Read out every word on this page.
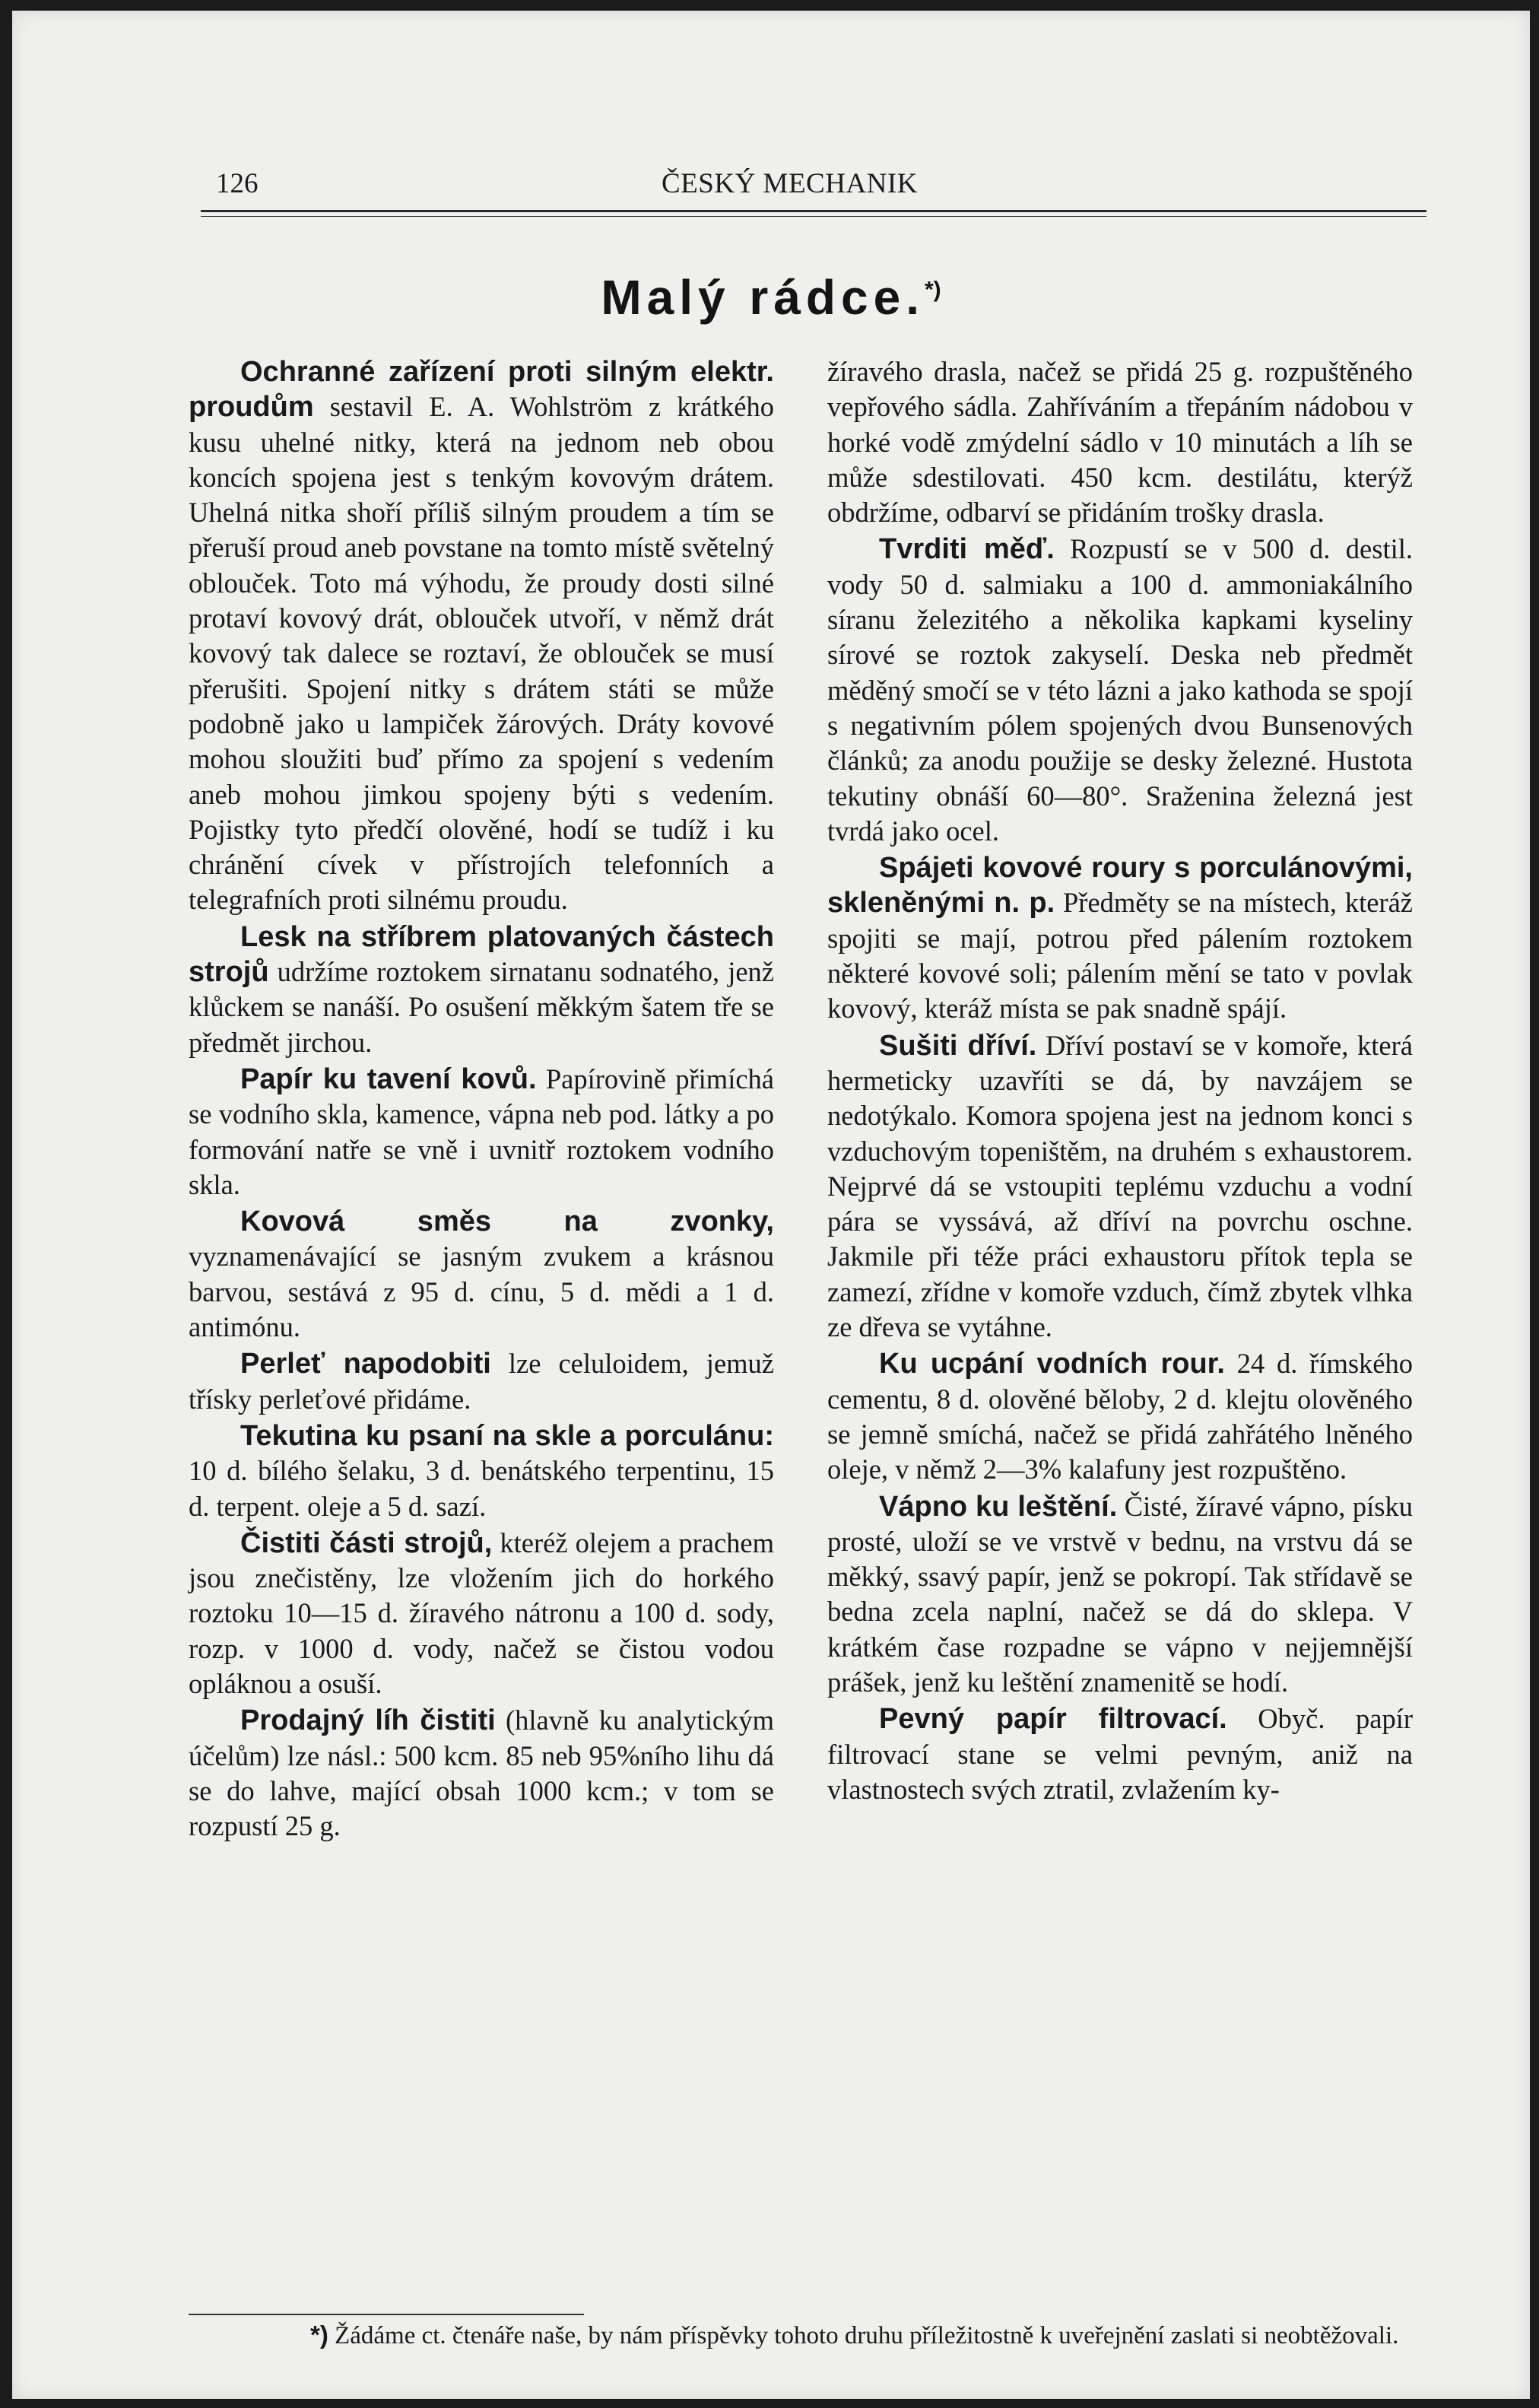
126	ČESKÝ MECHANIK
Malý rádce.*)

Ochranné zařízení proti silným elektr. proudům sestavil E. A. Wohlström z krátkého kusu uhelné nitky, která na jednom neb obou koncích spojena jest s tenkým kovovým drátem. Uhelná nitka shoří příliš silným proudem a tím se přeruší proud aneb povstane na tomto místě světelný oblouček. Toto má výhodu, že proudy dosti silné protaví kovový drát, oblouček utvoří, v němž drát kovový tak dalece se roztaví, že oblouček se musí přerušiti. Spojení nitky s drátem státi se může podobně jako u lampiček žárových. Dráty kovové mohou sloužiti buď přímo za spojení s vedením aneb mohou jimkou spojeny býti s vedením. Pojistky tyto předčí olověné, hodí se tudíž i ku chránění cívek v přístrojích telefonních a telegrafních proti silnému proudu.

Lesk na stříbrem platovaných částech strojů udržíme roztokem sirnatanu sodnatého, jenž klůckem se nanáší. Po osušení měkkým šatem tře se předmět jirchou.

Papír ku tavení kovů. Papírovině přimíchá se vodního skla, kamence, vápna neb pod. látky a po formování natře se vně i uvnitř roztokem vodního skla.

Kovová směs na zvonky, vyznamenávající se jasným zvukem a krásnou barvou, sestává z 95 d. cínu, 5 d. mědi a 1 d. antimónu.

Perleť napodobiti lze celuloidem, jemuž třísky perleťové přidáme.

Tekutina ku psaní na skle a porculánu: 10 d. bílého šelaku, 3 d. benátského terpentinu, 15 d. terpent. oleje a 5 d. sazí.

Čistiti části strojů, kteréž olejem a prachem jsou znečistěny, lze vložením jich do horkého roztoku 10—15 d. žíravého nátronu a 100 d. sody, rozp. v 1000 d. vody, načež se čistou vodou opláknou a osuší.

Prodajný líh čistiti (hlavně ku analytickým účelům) lze násl.: 500 kcm. 85 neb 95%ního lihu dá se do lahve, mající obsah 1000 kcm.; v tom se rozpustí 25 g.

žíravého drasla, načež se přidá 25 g. rozpuštěného vepřového sádla. Zahříváním a třepáním nádobou v horké vodě zmýdelní sádlo v 10 minutách a líh se může sdestilovati. 450 kcm. destilátu, kterýž obdržíme, odbarví se přidáním trošky drasla.

Tvrditi měď. Rozpustí se v 500 d. destil. vody 50 d. salmiaku a 100 d. ammoniakálního síranu železitého a několika kapkami kyseliny sírové se roztok zakyselí. Deska neb předmět měděný smočí se v této lázni a jako kathoda se spojí s negativním pólem spojených dvou Bunsenových článků; za anodu použije se desky železné. Hustota tekutiny obnáší 60—80°. Sraženina železná jest tvrdá jako ocel.

Spájeti kovové roury s porculánovými, skleněnými n. p. Předměty se na místech, kteráž spojiti se mají, potrou před pálením roztokem některé kovové soli; pálením mění se tato v povlak kovový, kteráž místa se pak snadně spájí.

Sušiti dříví. Dříví postaví se v komoře, která hermeticky uzavříti se dá, by navzájem se nedotýkalo. Komora spojena jest na jednom konci s vzduchovým topeništěm, na druhém s exhaustorem. Nejprvé dá se vstoupiti teplému vzduchu a vodní pára se vyssává, až dříví na povrchu oschne. Jakmile při téže práci exhaustoru přítok tepla se zamezí, zřídne v komoře vzduch, čímž zbytek vlhka ze dřeva se vytáhne.

Ku ucpání vodních rour. 24 d. římského cementu, 8 d. olověné běloby, 2 d. klejtu olověného se jemně smíchá, načež se přidá zahřátého lněného oleje, v němž 2—3% kalafuny jest rozpuštěno.

Vápno ku leštění. Čisté, žíravé vápno, písku prosté, uloží se ve vrstvě v bednu, na vrstvu dá se měkký, ssavý papír, jenž se pokropí. Tak střídavě se bedna zcela naplní, načež se dá do sklepa. V krátkém čase rozpadne se vápno v nejjemnější prášek, jenž ku leštění znamenitě se hodí.

Pevný papír filtrovací. Obyč. papír filtrovací stane se velmi pevným, aniž na vlastnostech svých ztratil, zvlažením ky-

*) Žádáme ct. čtenáře naše, by nám příspěvky tohoto druhu příležitostně k uveřejnění zaslati si neobtěžovali.
